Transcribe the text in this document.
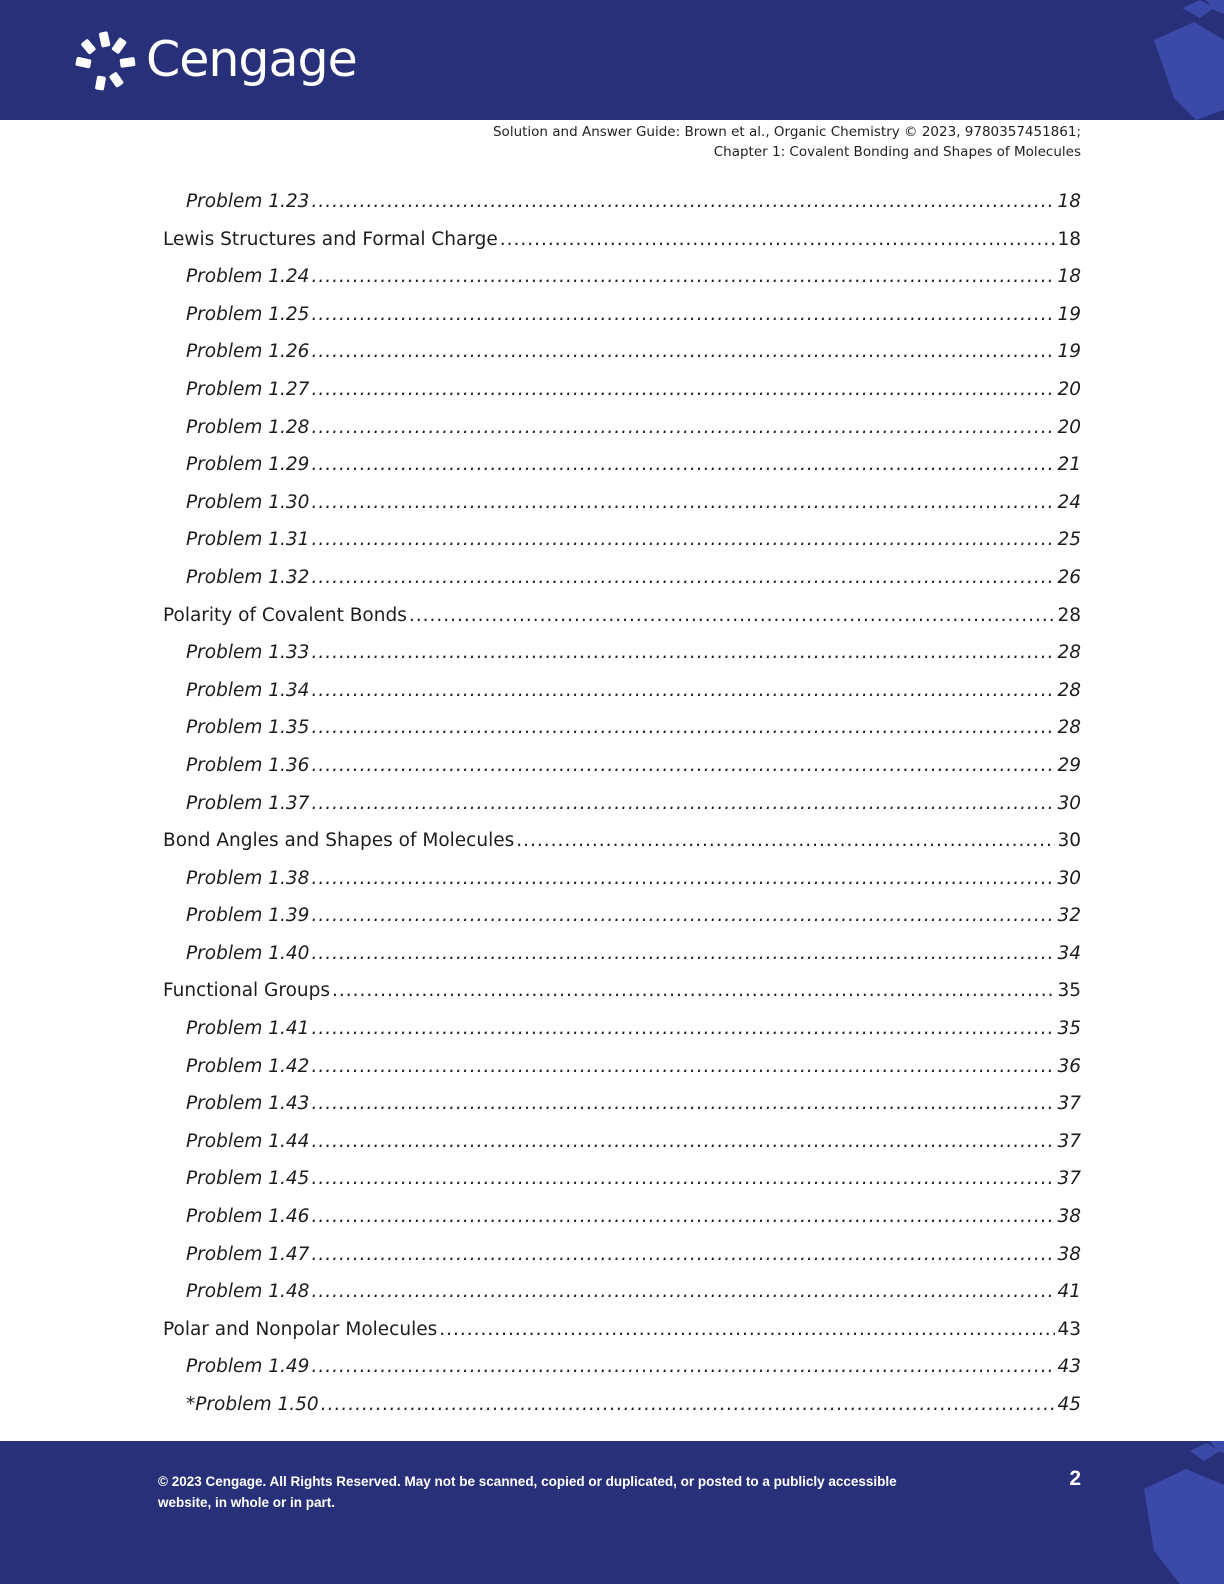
Cengage
Solution and Answer Guide: Brown et al., Organic Chemistry © 2023, 9780357451861;
Chapter 1: Covalent Bonding and Shapes of Molecules
Problem 1.23 .....	18
Lewis Structures and Formal Charge .....	18
Problem 1.24 .....	18
Problem 1.25 .....	19
Problem 1.26 .....	19
Problem 1.27 .....	20
Problem 1.28 .....	20
Problem 1.29 .....	21
Problem 1.30 .....	24
Problem 1.31 .....	25
Problem 1.32 .....	26
Polarity of Covalent Bonds .....	28
Problem 1.33 .....	28
Problem 1.34 .....	28
Problem 1.35 .....	28
Problem 1.36 .....	29
Problem 1.37 .....	30
Bond Angles and Shapes of Molecules .....	30
Problem 1.38 .....	30
Problem 1.39 .....	32
Problem 1.40 .....	34
Functional Groups .....	35
Problem 1.41 .....	35
Problem 1.42 .....	36
Problem 1.43 .....	37
Problem 1.44 .....	37
Problem 1.45 .....	37
Problem 1.46 .....	38
Problem 1.47 .....	38
Problem 1.48 .....	41
Polar and Nonpolar Molecules .....	43
Problem 1.49 .....	43
*Problem 1.50 .....	45
© 2023 Cengage. All Rights Reserved. May not be scanned, copied or duplicated, or posted to a publicly accessible website, in whole or in part.
2
